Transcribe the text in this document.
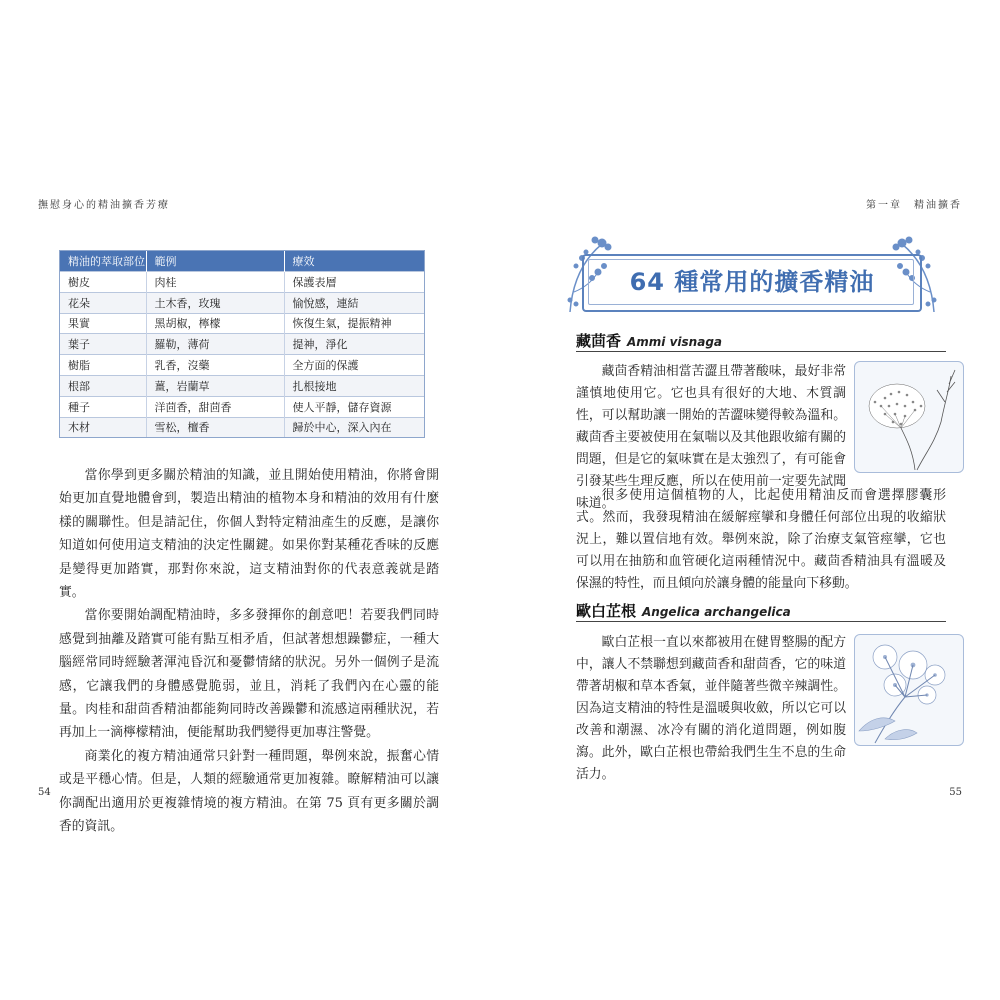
撫慰身心的精油擴香芳療
精油的萃取部位	範例	療效
樹皮	肉桂	保護表層
花朵	土木香，玫瑰	愉悅感，連結
果實	黑胡椒，檸檬	恢復生氣，提振精神
葉子	羅勒，薄荷	提神，淨化
樹脂	乳香，沒藥	全方面的保護
根部	薑，岩蘭草	扎根接地
種子	洋茴香，甜茴香	使人平靜，儲存資源
木材	雪松，檀香	歸於中心，深入內在

當你學到更多關於精油的知識，並且開始使用精油，你將會開始更加直覺地體會到，製造出精油的植物本身和精油的效用有什麼樣的關聯性。但是請記住，你個人對特定精油產生的反應，是讓你知道如何使用這支精油的決定性關鍵。如果你對某種花香味的反應是變得更加踏實，那對你來說，這支精油對你的代表意義就是踏實。

當你要開始調配精油時，多多發揮你的創意吧！若要我們同時感覺到抽離及踏實可能有點互相矛盾，但試著想想躁鬱症，一種大腦經常同時經驗著渾沌昏沉和憂鬱情緒的狀況。另外一個例子是流感，它讓我們的身體感覺脆弱，並且，消耗了我們內在心靈的能量。肉桂和甜茴香精油都能夠同時改善躁鬱和流感這兩種狀況，若再加上一滴檸檬精油，便能幫助我們變得更加專注警覺。

商業化的複方精油通常只針對一種問題，舉例來說，振奮心情或是平穩心情。但是，人類的經驗通常更加複雜。瞭解精油可以讓你調配出適用於更複雜情境的複方精油。在第 75 頁有更多關於調香的資訊。

54
第一章　精油擴香
64 種常用的擴香精油
藏茴香 Ammi visnaga

藏茴香精油相當苦澀且帶著酸味，最好非常謹慎地使用它。它也具有很好的大地、木質調性，可以幫助讓一開始的苦澀味變得較為溫和。藏茴香主要被使用在氣喘以及其他跟收縮有關的問題，但是它的氣味實在是太強烈了，有可能會引發某些生理反應，所以在使用前一定要先試聞味道。

很多使用這個植物的人，比起使用精油反而會選擇膠囊形式。然而，我發現精油在緩解痙攣和身體任何部位出現的收縮狀況上，難以置信地有效。舉例來說，除了治療支氣管痙攣，它也可以用在抽筋和血管硬化這兩種情況中。藏茴香精油具有溫暖及保濕的特性，而且傾向於讓身體的能量向下移動。

歐白芷根 Angelica archangelica

歐白芷根一直以來都被用在健胃整腸的配方中，讓人不禁聯想到藏茴香和甜茴香，它的味道帶著胡椒和草本香氣，並伴隨著些微辛辣調性。因為這支精油的特性是溫暖與收斂，所以它可以改善和潮濕、冰冷有關的消化道問題，例如腹瀉。此外，歐白芷根也帶給我們生生不息的生命活力。

55
